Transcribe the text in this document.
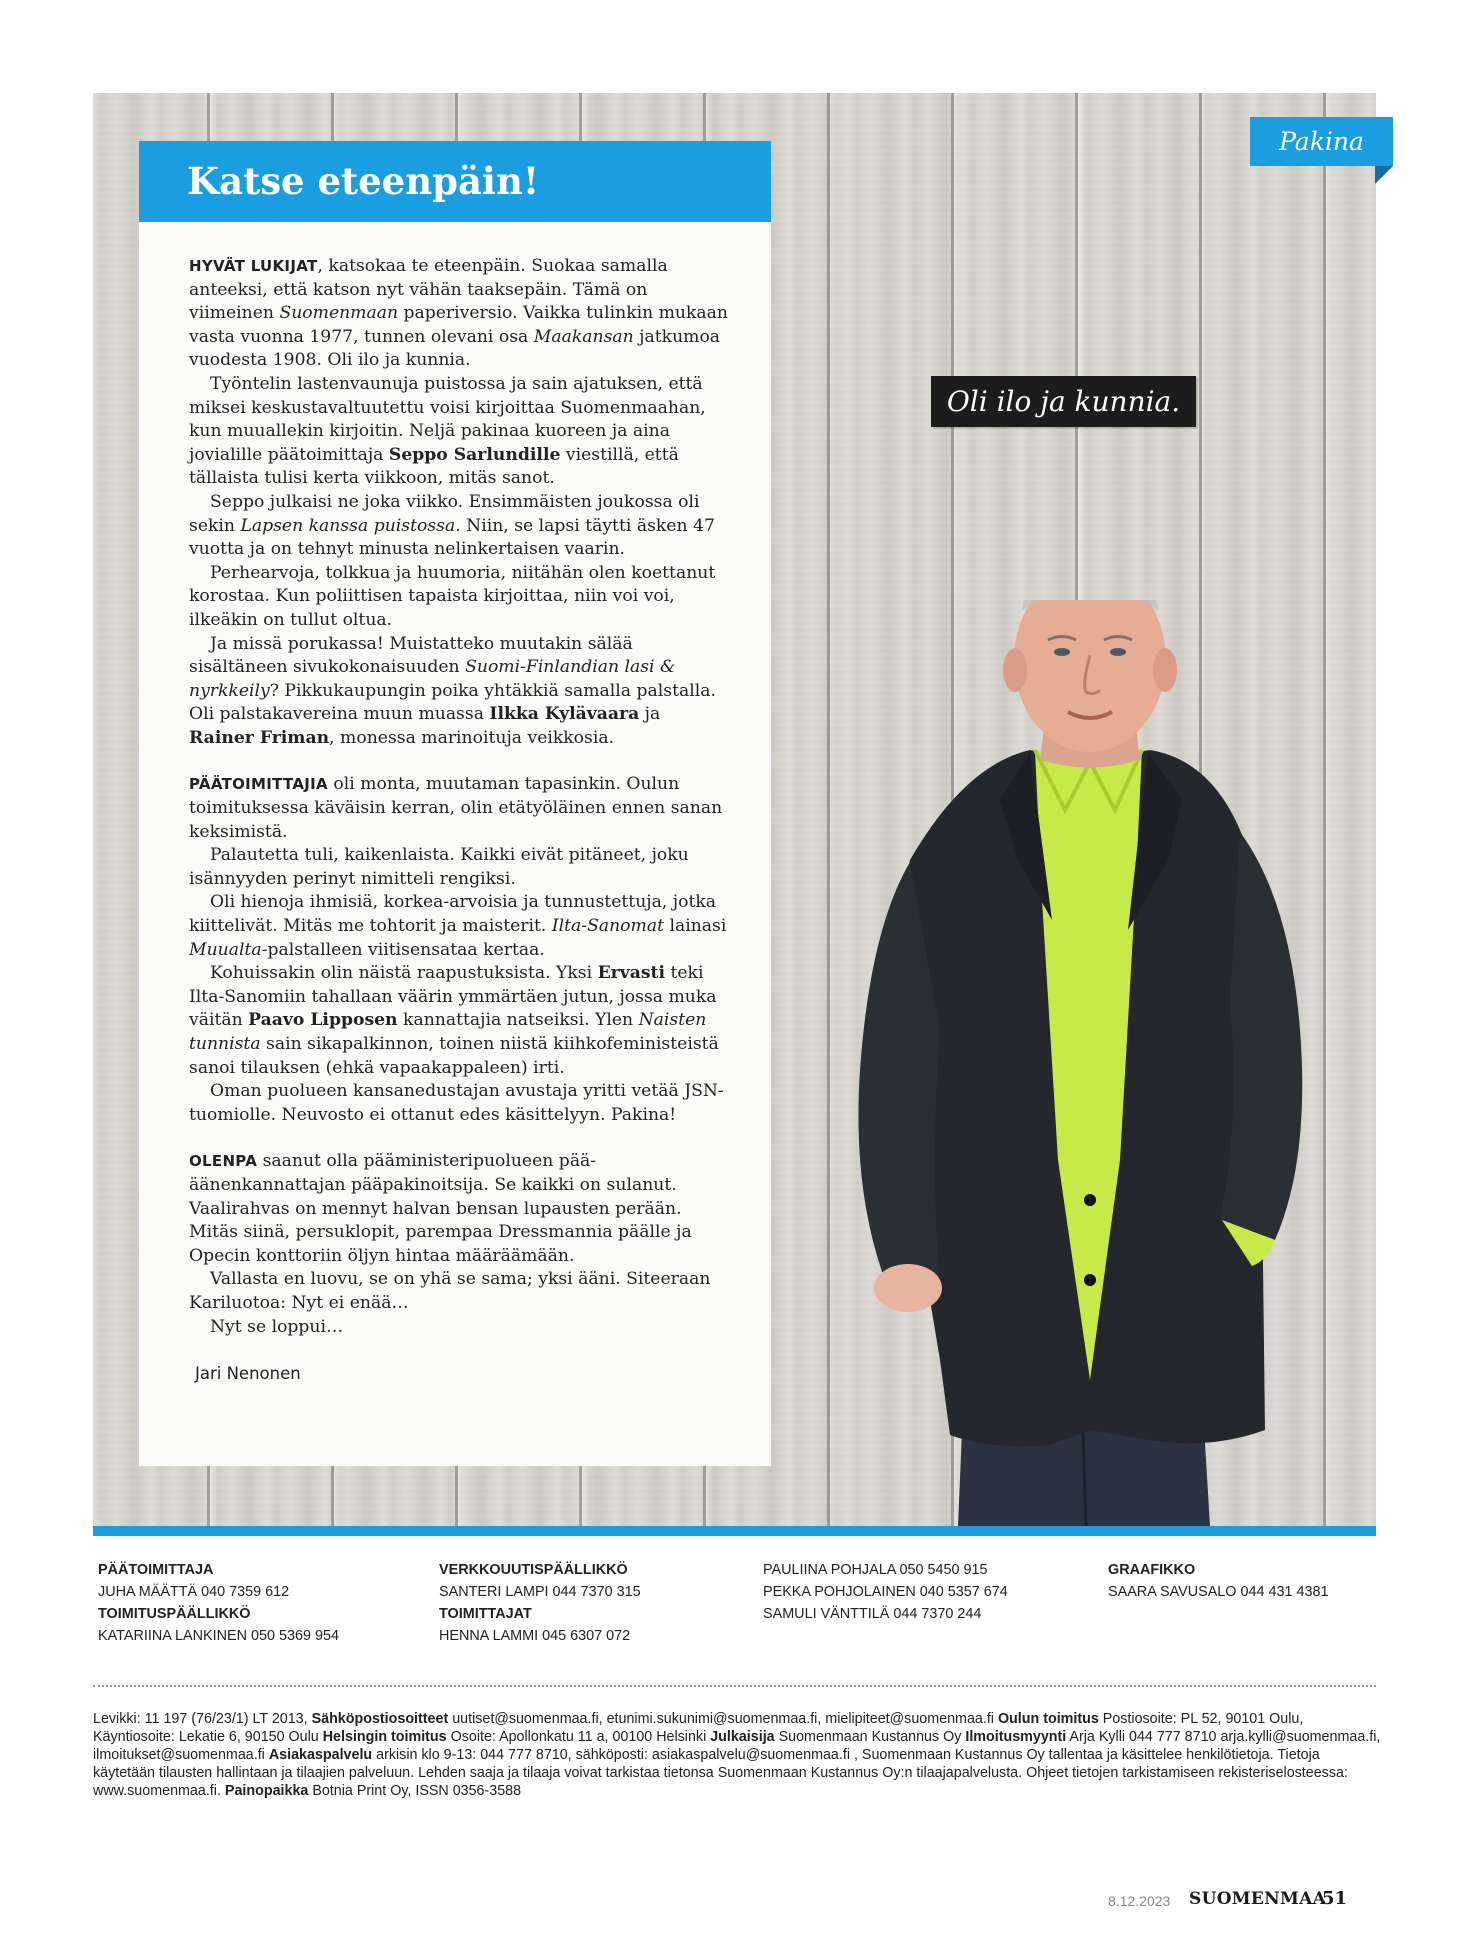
Pakina
Oli ilo ja kunnia.
Katse eteenpäin!

HYVÄT LUKIJAT, katsokaa te eteenpäin. Suokaa samalla anteeksi, että katson nyt vähän taaksepäin. Tämä on viimeinen Suomenmaan paperiversio. Vaikka tulinkin mukaan vasta vuonna 1977, tunnen olevani osa Maakansan jatkumoa vuodesta 1908. Oli ilo ja kunnia.

Työntelin lastenvaunuja puistossa ja sain ajatuksen, että miksei keskustavaltuutettu voisi kirjoittaa Suomenmaahan, kun muuallekin kirjoitin. Neljä pakinaa kuoreen ja aina jovialille päätoimittaja Seppo Sarlundille viestillä, että tällaista tulisi kerta viikkoon, mitäs sanot.

Seppo julkaisi ne joka viikko. Ensimmäisten joukossa oli sekin Lapsen kanssa puistossa. Niin, se lapsi täytti äsken 47 vuotta ja on tehnyt minusta nelinkertaisen vaarin.

Perhearvoja, tolkkua ja huumoria, niitähän olen koettanut korostaa. Kun poliittisen tapaista kirjoittaa, niin voi voi, ilkeäkin on tullut oltua.

Ja missä porukassa! Muistatteko muutakin sälää sisältäneen sivukokonaisuuden Suomi-Finlandian lasi & nyrkkeily? Pikkukaupungin poika yhtäkkiä samalla palstalla. Oli palstakavereina muun muassa Ilkka Kylävaara ja Rainer Friman, monessa marinoituja veikkosia.

PÄÄTOIMITTAJIA oli monta, muutaman tapasinkin. Oulun toimituksessa käväisin kerran, olin etätyöläinen ennen sanan keksimistä.

Palautetta tuli, kaikenlaista. Kaikki eivät pitäneet, joku isännyyden perinyt nimitteli rengiksi.

Oli hienoja ihmisiä, korkea-arvoisia ja tunnustettuja, jotka kiittelivät. Mitäs me tohtorit ja maisterit. Ilta-Sanomat lainasi Muualta-palstalleen viitisensataa kertaa.

Kohuissakin olin näistä raapustuksista. Yksi Ervasti teki Ilta-Sanomiin tahallaan väärin ymmärtäen jutun, jossa muka väitän Paavo Lipposen kannattajia natseiksi. Ylen Naisten tunnista sain sikapalkinnon, toinen niistä kiihkofeministeistä sanoi tilauksen (ehkä vapaakappaleen) irti.

Oman puolueen kansanedustajan avustaja yritti vetää JSN-tuomiolle. Neuvosto ei ottanut edes käsittelyyn. Pakina!

OLENPA saanut olla pääministeripuolueen pää-äänenkannattajan pääpakinoitsija. Se kaikki on sulanut. Vaalirahvas on mennyt halvan bensan lupausten perään. Mitäs siinä, persuklopit, parempaa Dressmannia päälle ja Opecin konttoriin öljyn hintaa määräämään.

Vallasta en luovu, se on yhä se sama; yksi ääni. Siteeraan Kariluotoa: Nyt ei enää…

Nyt se loppui…

Jari Nenonen

PÄÄTOIMITTAJA
JUHA MÄÄTTÄ 040 7359 612
TOIMITUSPÄÄLLIKKÖ
KATARIINA LANKINEN 050 5369 954
VERKKOUUTISPÄÄLLIKKÖ
SANTERI LAMPI 044 7370 315
TOIMITTAJAT
HENNA LAMMI 045 6307 072
PAULIINA POHJALA 050 5450 915
PEKKA POHJOLAINEN 040 5357 674
SAMULI VÄNTTILÄ 044 7370 244
GRAAFIKKO
SAARA SAVUSALO 044 431 4381
Levikki: 11 197 (76/23/1) LT 2013, Sähköpostiosoitteet uutiset@suomenmaa.fi, etunimi.sukunimi@suomenmaa.fi, mielipiteet@suomenmaa.fi Oulun toimitus Postiosoite: PL 52, 90101 Oulu, Käyntiosoite: Lekatie 6, 90150 Oulu Helsingin toimitus Osoite: Apollonkatu 11 a, 00100 Helsinki Julkaisija Suomenmaan Kustannus Oy Ilmoitusmyynti Arja Kylli 044 777 8710 arja.kylli@suomenmaa.fi, ilmoitukset@suomenmaa.fi Asiakaspalvelu arkisin klo 9-13: 044 777 8710, sähköposti: asiakaspalvelu@suomenmaa.fi , Suomenmaan Kustannus Oy tallentaa ja käsittelee henkilötietoja. Tietoja käytetään tilausten hallintaan ja tilaajien palveluun. Lehden saaja ja tilaaja voivat tarkistaa tietonsa Suomenmaan Kustannus Oy:n tilaajapalvelusta. Ohjeet tietojen tarkistamiseen rekisteriselosteessa: www.suomenmaa.fi. Painopaikka Botnia Print Oy, ISSN 0356-3588
8.12.2023 SUOMENMAA
51
